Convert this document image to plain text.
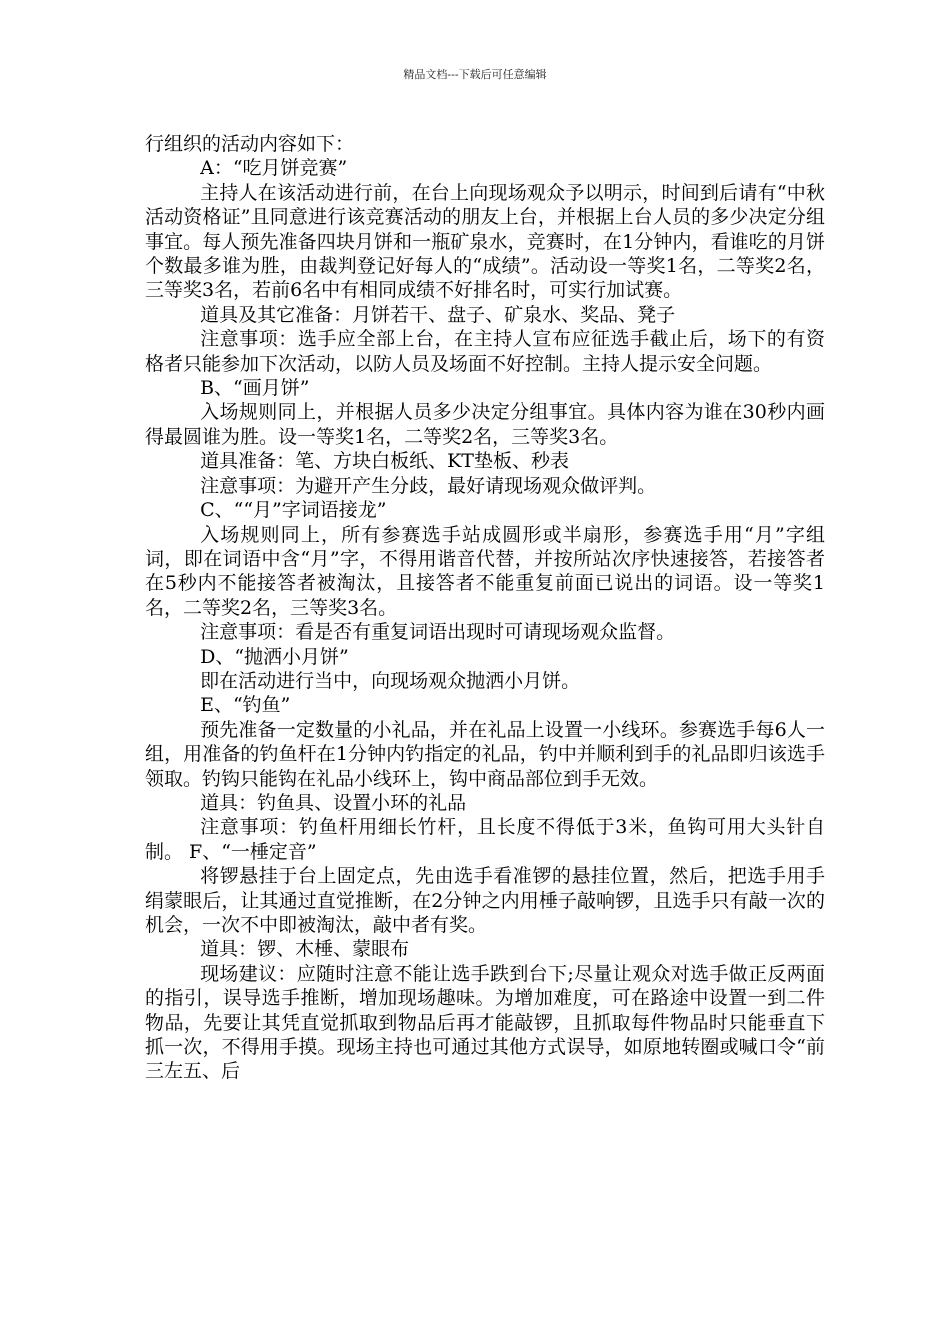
精品文档---下载后可任意编辑

行组织的活动内容如下：

A：“吃月饼竞赛”

主持人在该活动进行前，在台上向现场观众予以明示，时间到后请有“中秋活动资格证”且同意进行该竞赛活动的朋友上台，并根据上台人员的多少决定分组事宜。每人预先准备四块月饼和一瓶矿泉水，竞赛时，在1分钟内，看谁吃的月饼个数最多谁为胜，由裁判登记好每人的“成绩”。活动设一等奖1名，二等奖2名，三等奖3名，若前6名中有相同成绩不好排名时，可实行加试赛。

道具及其它准备：月饼若干、盘子、矿泉水、奖品、凳子

注意事项：选手应全部上台，在主持人宣布应征选手截止后，场下的有资格者只能参加下次活动，以防人员及场面不好控制。主持人提示安全问题。

B、“画月饼”

入场规则同上，并根据人员多少决定分组事宜。具体内容为谁在30秒内画得最圆谁为胜。设一等奖1名，二等奖2名，三等奖3名。

道具准备：笔、方块白板纸、KT垫板、秒表

注意事项：为避开产生分歧，最好请现场观众做评判。

C、““月”字词语接龙”

入场规则同上，所有参赛选手站成圆形或半扇形，参赛选手用“月”字组词，即在词语中含“月”字，不得用谐音代替，并按所站次序快速接答，若接答者在5秒内不能接答者被淘汰，且接答者不能重复前面已说出的词语。设一等奖1名，二等奖2名，三等奖3名。

注意事项：看是否有重复词语出现时可请现场观众监督。

D、“抛洒小月饼”

即在活动进行当中，向现场观众抛洒小月饼。

E、“钓鱼”

预先准备一定数量的小礼品，并在礼品上设置一小线环。参赛选手每6人一组，用准备的钓鱼杆在1分钟内钓指定的礼品，钓中并顺利到手的礼品即归该选手领取。钓钩只能钩在礼品小线环上，钩中商品部位到手无效。

道具：钓鱼具、设置小环的礼品

注意事项：钓鱼杆用细长竹杆，且长度不得低于3米，鱼钩可用大头针自制。 F、“一棰定音”

将锣悬挂于台上固定点，先由选手看准锣的悬挂位置，然后，把选手用手绢蒙眼后，让其通过直觉推断，在2分钟之内用棰子敲响锣，且选手只有敲一次的机会，一次不中即被淘汰，敲中者有奖。

道具：锣、木棰、蒙眼布

现场建议：应随时注意不能让选手跌到台下;尽量让观众对选手做正反两面的指引，误导选手推断，增加现场趣味。为增加难度，可在路途中设置一到二件物品，先要让其凭直觉抓取到物品后再才能敲锣，且抓取每件物品时只能垂直下抓一次，不得用手摸。现场主持也可通过其他方式误导，如原地转圈或喊口令“前三左五、后
